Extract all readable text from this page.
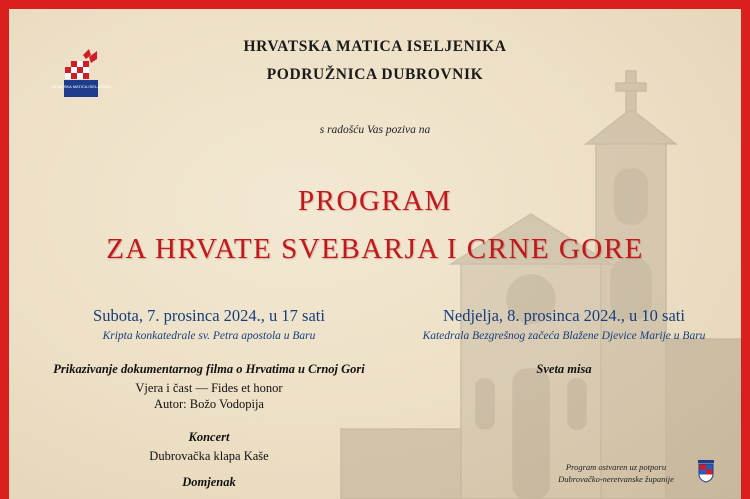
HRVATSKA MATICA ISELJENIKA
HRVATSKA MATICA ISELJENIKA
PODRUŽNICA DUBROVNIK
s radošću Vas poziva na
PROGRAM
ZA HRVATE SVEBARJA I CRNE GORE
Subota, 7. prosinca 2024., u 17 sati
Kripta konkatedrale sv. Petra apostola u Baru
Prikazivanje dokumentarnog filma o Hrvatima u Crnoj Gori
Vjera i čast — Fides et honor
Autor: Božo Vodopija
Koncert
Dubrovačka klapa Kaše
Domjenak
Nedjelja, 8. prosinca 2024., u 10 sati
Katedrala Bezgrešnog začeća Blažene Djevice Marije u Baru
Sveta misa
Program ostvaren uz potporu
Dubrovačko-neretvanske županije
